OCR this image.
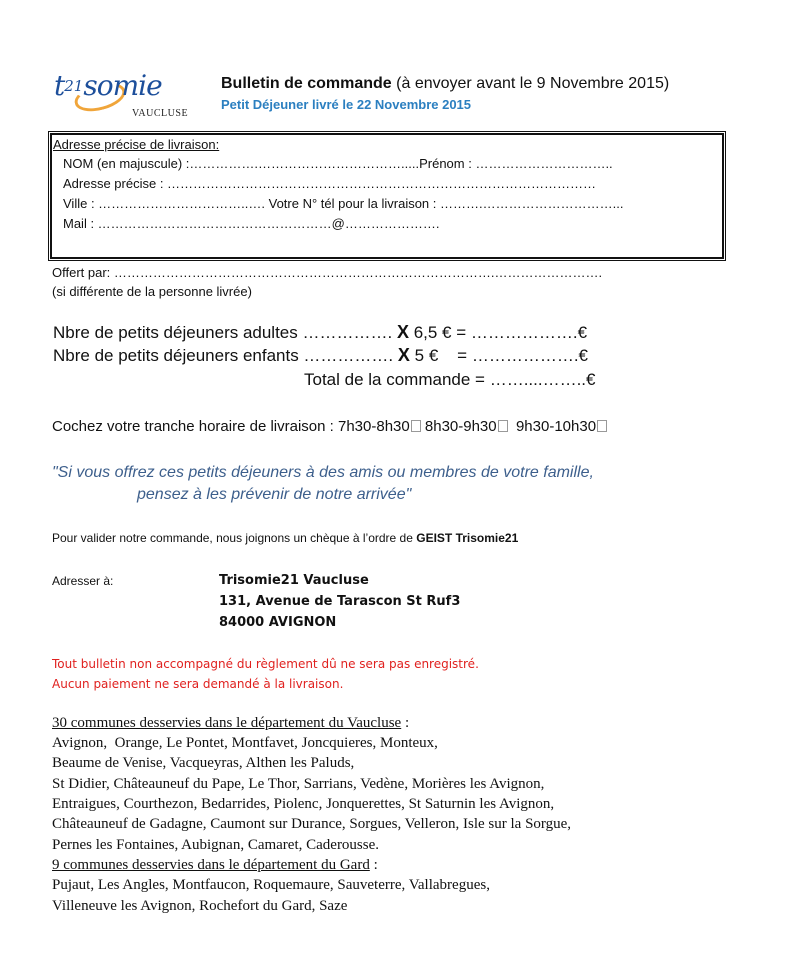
t21somie
VAUCLUSE
Bulletin de commande (à envoyer avant le 9 Novembre 2015)
Petit Déjeuner livré le 22 Novembre 2015
Adresse précise de livraison:
NOM (en majuscule) :…………….…………………………….....Prénom : …………………………..
Adresse précise : ………………………………………………………………………………………
Ville : ……………………………..…. Votre N° tél pour la livraison : ……….…………………………...
Mail : ………………………………………………@………………….
Offert par: …………………………………………………………………………….…………………….
(si différente de la personne livrée)
Nbre de petits déjeuners adultes ……………. X 6,5 € = ……………….€
Nbre de petits déjeuners enfants ……………. X 5 €    = ……………….€
Total de la commande = ……....……..€
Cochez votre tranche horaire de livraison : 7h30-8h30 8h30-9h30  9h30-10h30
"Si vous offrez ces petits déjeuners à des amis ou membres de votre famille,
pensez à les prévenir de notre arrivée"
Pour valider notre commande, nous joignons un chèque à l’ordre de GEIST Trisomie21
Adresser à:	Trisomie21 Vaucluse
131, Avenue de Tarascon St Ruf3
84000 AVIGNON
Tout bulletin non accompagné du règlement dû ne sera pas enregistré.
Aucun paiement ne sera demandé à la livraison.
30 communes desservies dans le département du Vaucluse :
Avignon,  Orange, Le Pontet, Montfavet, Joncquieres, Monteux,
Beaume de Venise, Vacqueyras, Althen les Paluds,
St Didier, Châteauneuf du Pape, Le Thor, Sarrians, Vedène, Morières les Avignon,
Entraigues, Courthezon, Bedarrides, Piolenc, Jonquerettes, St Saturnin les Avignon,
Châteauneuf de Gadagne, Caumont sur Durance, Sorgues, Velleron, Isle sur la Sorgue,
Pernes les Fontaines, Aubignan, Camaret, Caderousse.
9 communes desservies dans le département du Gard :
Pujaut, Les Angles, Montfaucon, Roquemaure, Sauveterre, Vallabregues,
Villeneuve les Avignon, Rochefort du Gard, Saze
